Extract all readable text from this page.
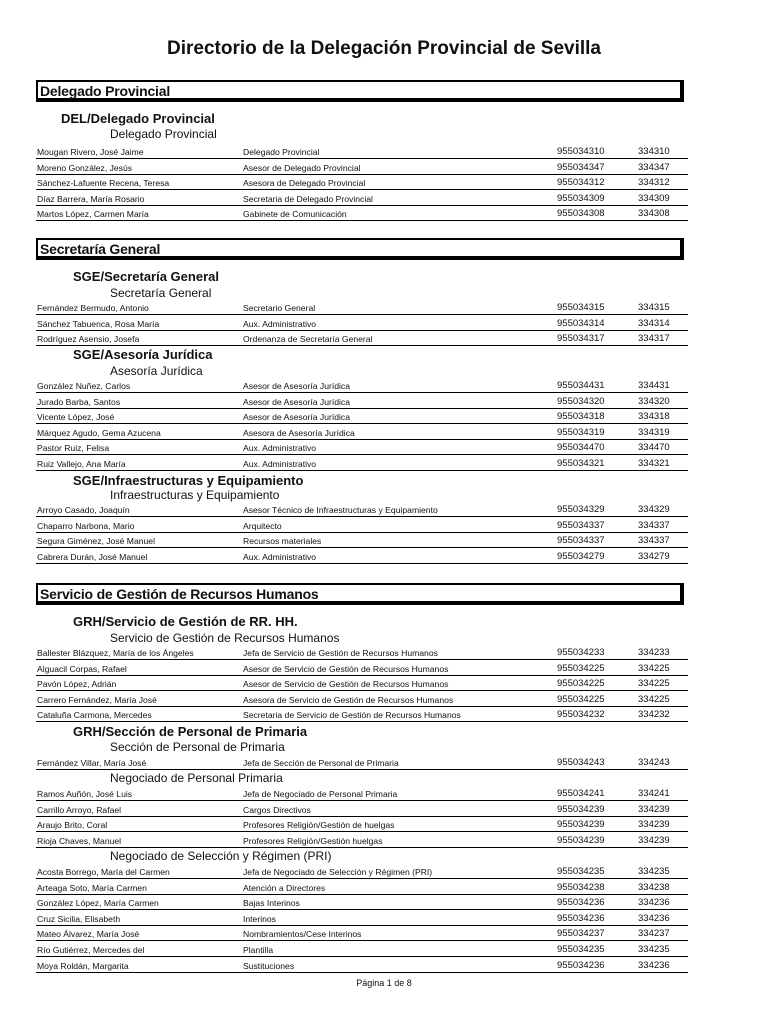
Directorio de la Delegación Provincial de Sevilla
Delegado Provincial
DEL/Delegado Provincial
Delegado Provincial
Secretaría General
SGE/Secretaría General
Secretaría General
SGE/Asesoría Jurídica
Asesoría Jurídica
SGE/Infraestructuras y Equipamiento
Infraestructuras y Equipamiento
Servicio de Gestión de Recursos Humanos
GRH/Servicio de Gestión de RR. HH.
Servicio de Gestión de Recursos Humanos
GRH/Sección de Personal de Primaria
Sección de Personal de Primaria
Negociado de Personal Primaria
Negociado de Selección y Régimen (PRI)
Mougan Rivero, José Jaime	Delegado Provincial	955034310	334310
Moreno González, Jesús	Asesor de Delegado Provincial	955034347	334347
Sánchez-Lafuente Recena, Teresa	Asesora de Delegado Provincial	955034312	334312
Díaz Barrera, María Rosario	Secretaria de Delegado Provincial	955034309	334309
Martos López, Carmen María	Gabinete de Comunicación	955034308	334308
Fernández Bermudo, Antonio	Secretario General	955034315	334315
Sánchez Tabuenca, Rosa María	Aux. Administrativo	955034314	334314
Rodríguez Asensio, Josefa	Ordenanza de Secretaría General	955034317	334317
González Nuñez, Carlos	Asesor de Asesoría Jurídica	955034431	334431
Jurado Barba, Santos	Asesor de Asesoría Jurídica	955034320	334320
Vicente López, José	Asesor de Asesoría Jurídica	955034318	334318
Márquez Agudo, Gema Azucena	Asesora de Asesoría Jurídica	955034319	334319
Pastor Ruiz, Felisa	Aux. Administrativo	955034470	334470
Ruiz Vallejo, Ana María	Aux. Administrativo	955034321	334321
Arroyo Casado, Joaquín	Asesor Técnico de Infraestructuras y Equipamiento	955034329	334329
Chaparro Narbona, Mario	Arquitecto	955034337	334337
Segura Giménez, José Manuel	Recursos materiales	955034337	334337
Cabrera Durán, José Manuel	Aux. Administrativo	955034279	334279
Ballester Blázquez, María de los Ángeles	Jefa de Servicio de Gestión de Recursos Humanos	955034233	334233
Alguacil Corpas, Rafael	Asesor de Servicio de Gestión de Recursos Humanos	955034225	334225
Pavón López, Adrián	Asesor de Servicio de Gestión de Recursos Humanos	955034225	334225
Carrero Fernández, María José	Asesora de Servicio de Gestión de Recursos Humanos	955034225	334225
Cataluña Carmona, Mercedes	Secretaria de Servicio de Gestión de Recursos Humanos	955034232	334232
Fernández Villar, María José	Jefa de Sección de Personal de Primaria	955034243	334243
Ramos Auñón, José Luis	Jefa de Negociado de Personal Primaria	955034241	334241
Carrillo Arroyo, Rafael	Cargos Directivos	955034239	334239
Araujo Brito, Coral	Profesores Religión/Gestión de huelgas	955034239	334239
Rioja Chaves, Manuel	Profesores Religión/Gestión huelgas	955034239	334239
Acosta Borrego, María del Carmen	Jefa de Negociado de Selección y Régimen (PRI)	955034235	334235
Arteaga Soto, María Carmen	Atención a Directores	955034238	334238
González López, María Carmen	Bajas Interinos	955034236	334236
Cruz Sicilia, Elisabeth	Interinos	955034236	334236
Mateo Álvarez, María José	Nombramientos/Cese Interinos	955034237	334237
Río Gutiérrez, Mercedes del	Plantilla	955034235	334235
Moya Roldán, Margarita	Sustituciones	955034236	334236
Página 1 de 8
